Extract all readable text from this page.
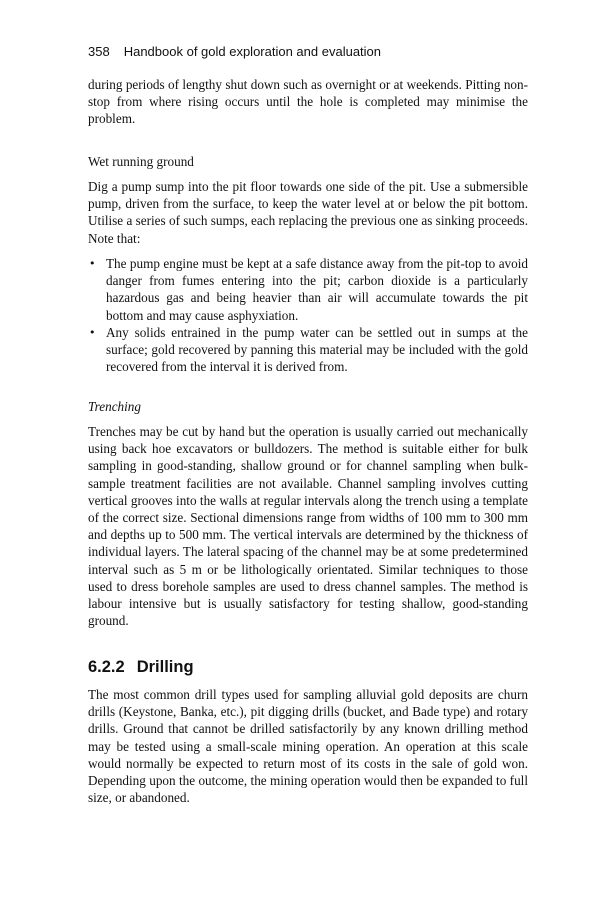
358 Handbook of gold exploration and evaluation

during periods of lengthy shut down such as overnight or at weekends. Pitting non-stop from where rising occurs until the hole is completed may minimise the problem.

Wet running ground

Dig a pump sump into the pit floor towards one side of the pit. Use a submersible pump, driven from the surface, to keep the water level at or below the pit bottom. Utilise a series of such sumps, each replacing the previous one as sinking proceeds. Note that:

• The pump engine must be kept at a safe distance away from the pit-top to avoid danger from fumes entering into the pit; carbon dioxide is a particularly hazardous gas and being heavier than air will accumulate towards the pit bottom and may cause asphyxiation.
• Any solids entrained in the pump water can be settled out in sumps at the surface; gold recovered by panning this material may be included with the gold recovered from the interval it is derived from.

Trenching

Trenches may be cut by hand but the operation is usually carried out mechanically using back hoe excavators or bulldozers. The method is suitable either for bulk sampling in good-standing, shallow ground or for channel sampling when bulk-sample treatment facilities are not available. Channel sampling involves cutting vertical grooves into the walls at regular intervals along the trench using a template of the correct size. Sectional dimensions range from widths of 100 mm to 300 mm and depths up to 500 mm. The vertical intervals are determined by the thickness of individual layers. The lateral spacing of the channel may be at some predetermined interval such as 5 m or be lithologically orientated. Similar techniques to those used to dress borehole samples are used to dress channel samples. The method is labour intensive but is usually satisfactory for testing shallow, good-standing ground.

6.2.2 Drilling

The most common drill types used for sampling alluvial gold deposits are churn drills (Keystone, Banka, etc.), pit digging drills (bucket, and Bade type) and rotary drills. Ground that cannot be drilled satisfactorily by any known drilling method may be tested using a small-scale mining operation. An operation at this scale would normally be expected to return most of its costs in the sale of gold won. Depending upon the outcome, the mining operation would then be expanded to full size, or abandoned.
